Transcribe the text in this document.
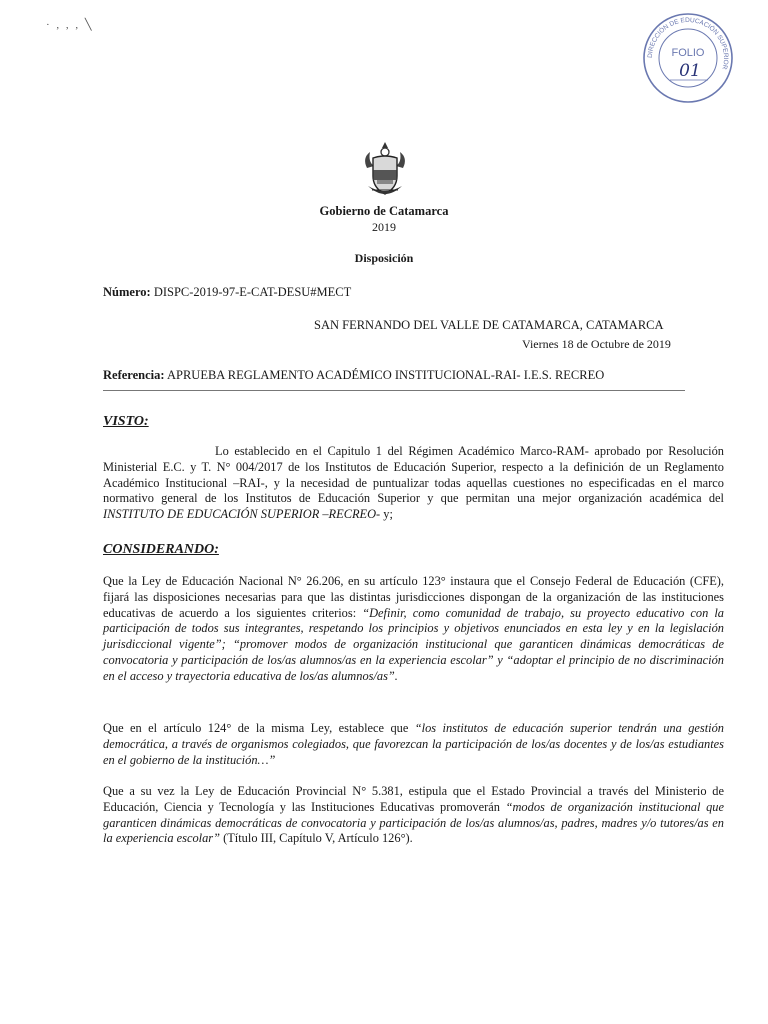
· , , , ╲
DIRECCIÓN DE EDUCACIÓN SUPERIOR
FOLIO
01
Gobierno de Catamarca
2019
Disposición
Número: DISPC-2019-97-E-CAT-DESU#MECT
SAN FERNANDO DEL VALLE DE CATAMARCA, CATAMARCA
Viernes 18 de Octubre de 2019
Referencia: APRUEBA REGLAMENTO ACADÉMICO INSTITUCIONAL-RAI- I.E.S. RECREO
VISTO:
Lo establecido en el Capitulo 1 del Régimen Académico Marco-RAM- aprobado por Resolución Ministerial E.C. y T. N° 004/2017 de los Institutos de Educación Superior, respecto a la definición de un Reglamento Académico Institucional –RAI-, y la necesidad de puntualizar todas aquellas cuestiones no especificadas en el marco normativo general de los Institutos de Educación Superior y que permitan una mejor organización académica del INSTITUTO DE EDUCACIÓN SUPERIOR –RECREO- y;
CONSIDERANDO:
Que la Ley de Educación Nacional N° 26.206, en su artículo 123° instaura que el Consejo Federal de Educación (CFE), fijará las disposiciones necesarias para que las distintas jurisdicciones dispongan de la organización de las instituciones educativas de acuerdo a los siguientes criterios: “Definir, como comunidad de trabajo, su proyecto educativo con la participación de todos sus integrantes, respetando los principios y objetivos enunciados en esta ley y en la legislación jurisdiccional vigente”; “promover modos de organización institucional que garanticen dinámicas democráticas de convocatoria y participación de los/as alumnos/as en la experiencia escolar” y “adoptar el principio de no discriminación en el acceso y trayectoria educativa de los/as alumnos/as”.
Que en el artículo 124° de la misma Ley, establece que “los institutos de educación superior tendrán una gestión democrática, a través de organismos colegiados, que favorezcan la participación de los/as docentes y de los/as estudiantes en el gobierno de la institución…”
Que a su vez la Ley de Educación Provincial N° 5.381, estipula que el Estado Provincial a través del Ministerio de Educación, Ciencia y Tecnología y las Instituciones Educativas promoverán “modos de organización institucional que garanticen dinámicas democráticas de convocatoria y participación de los/as alumnos/as, padres, madres y/o tutores/as en la experiencia escolar” (Título III, Capítulo V, Artículo 126°).
